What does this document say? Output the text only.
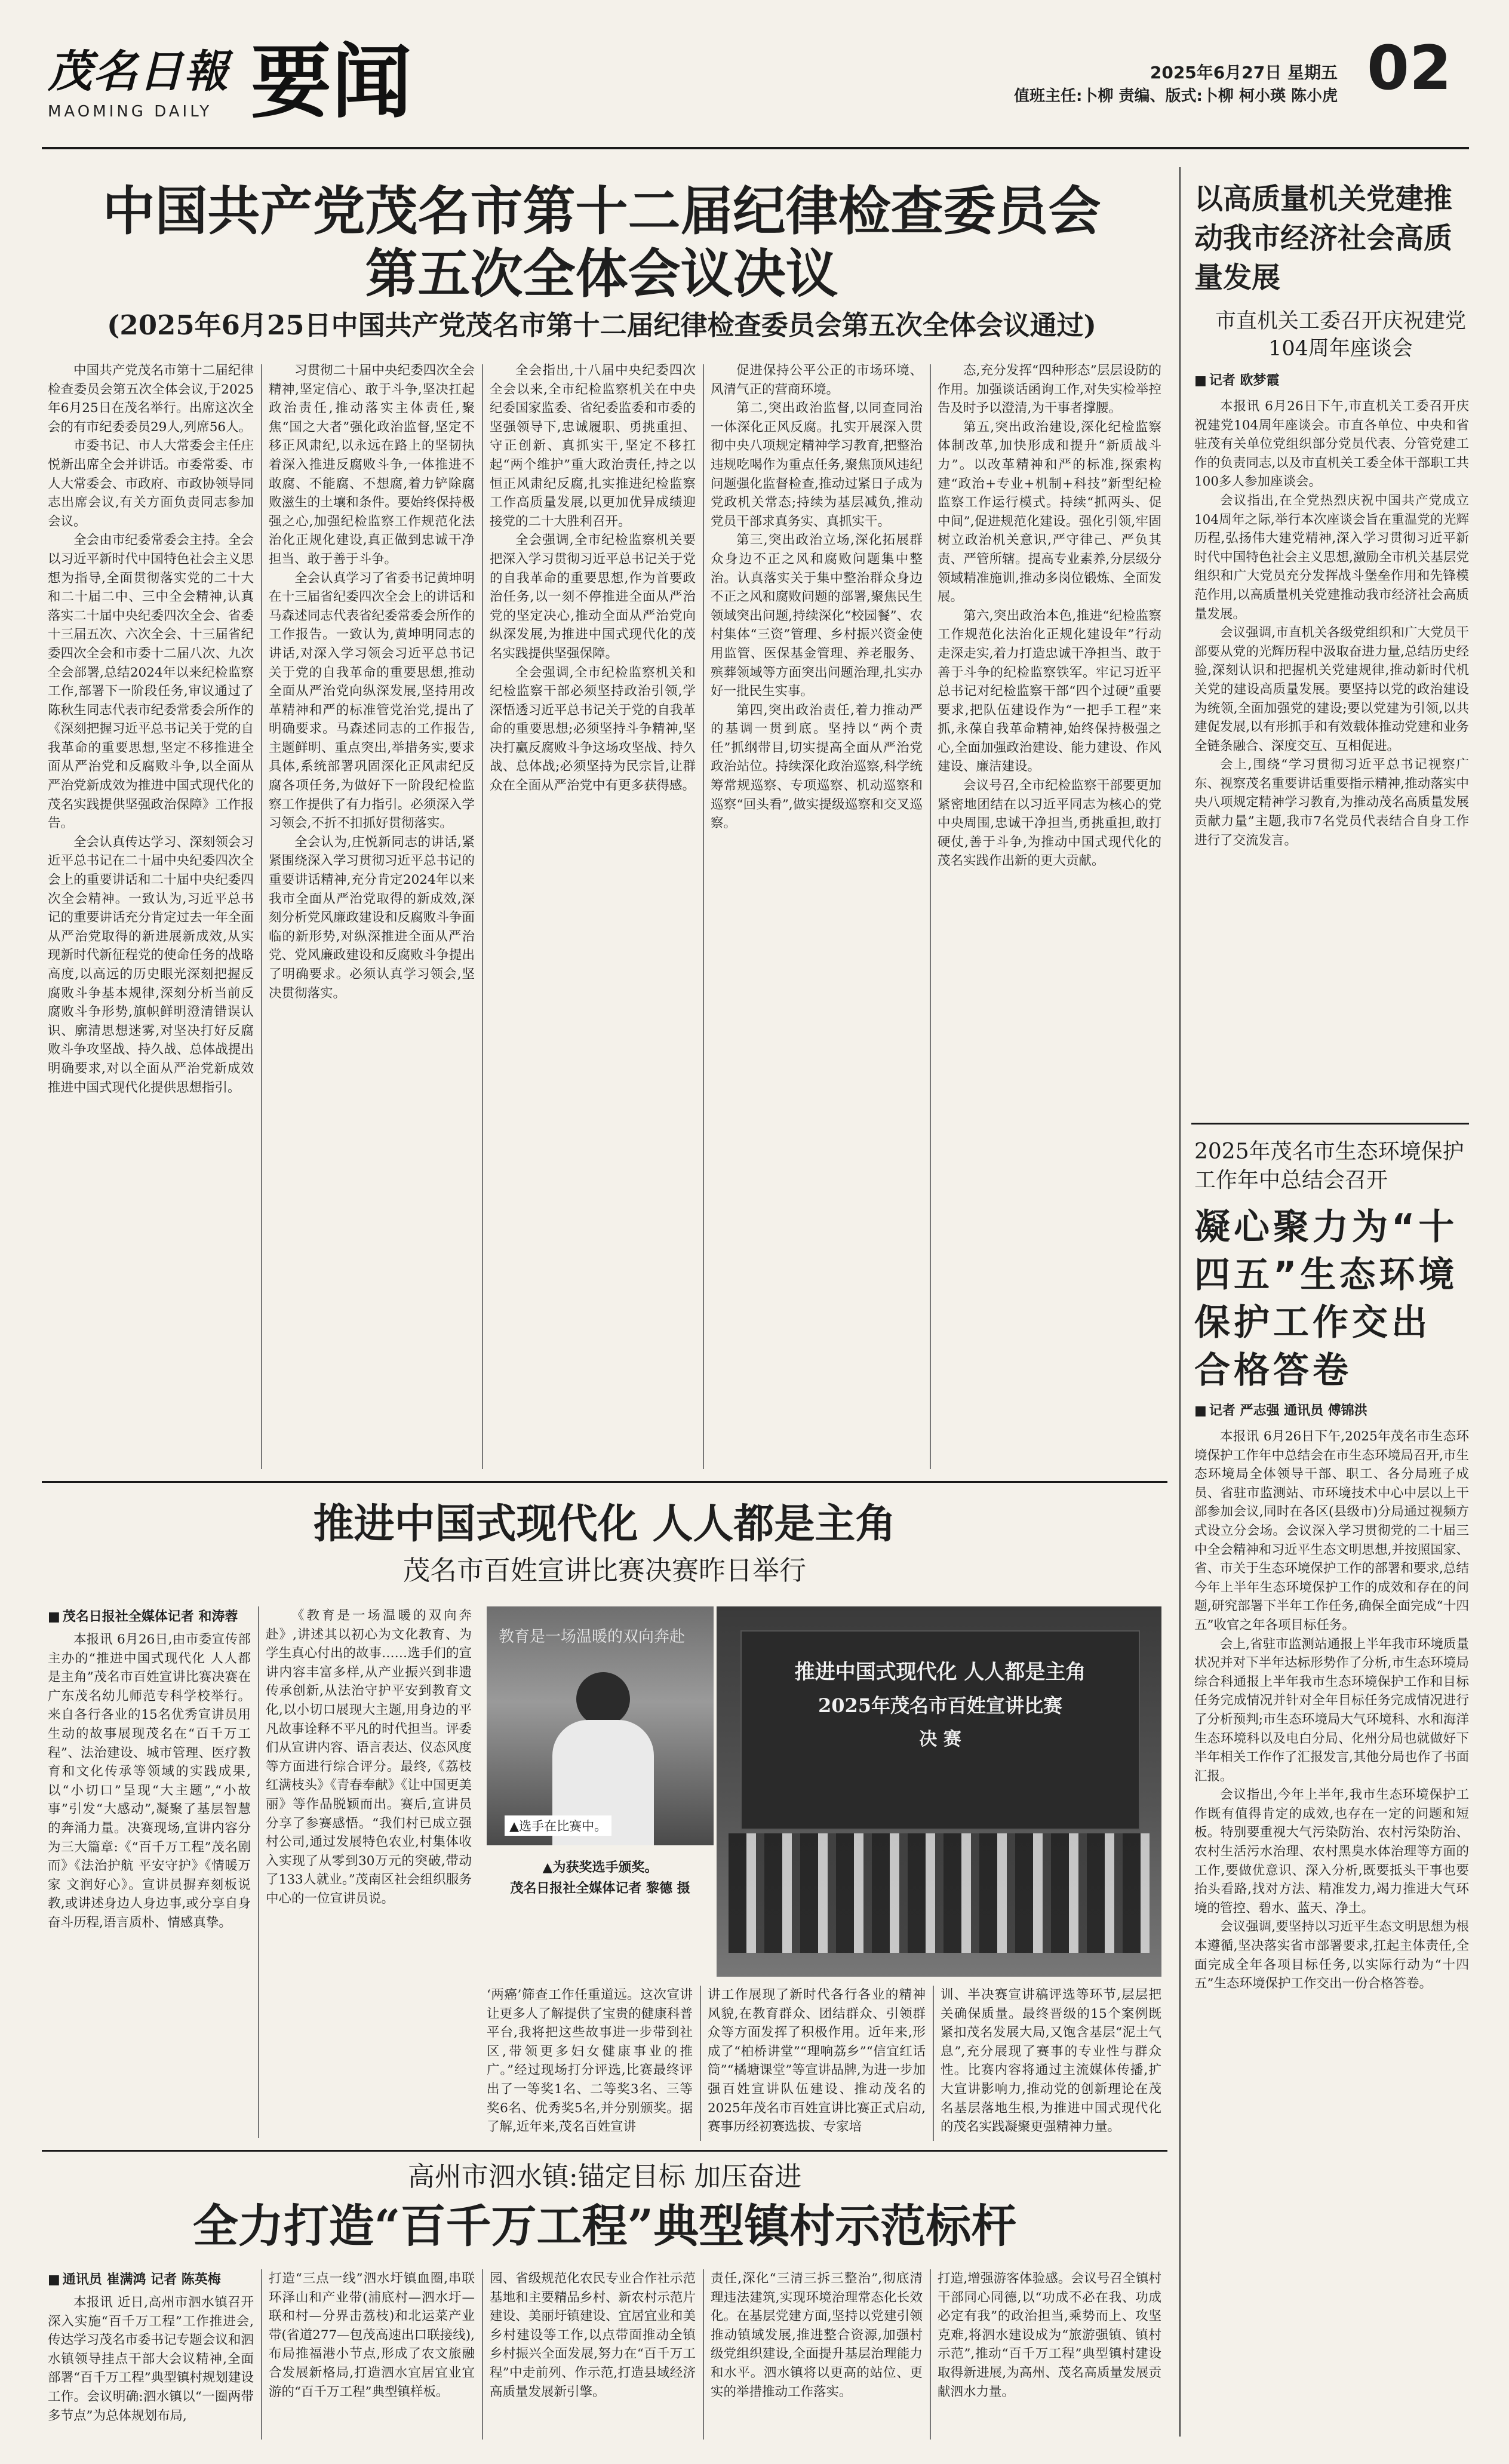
茂名日報
MAOMING DAILY 要闻	2025年6月27日 星期五
值班主任:卜柳 责编、版式:卜柳 柯小瑛 陈小虎 02
中国共产党茂名市第十二届纪律检查委员会
第五次全体会议决议
(2025年6月25日中国共产党茂名市第十二届纪律检查委员会第五次全体会议通过)

中国共产党茂名市第十二届纪律检查委员会第五次全体会议,于2025年6月25日在茂名举行。出席这次全会的有市纪委委员29人,列席56人。

市委书记、市人大常委会主任庄悦新出席全会并讲话。市委常委、市人大常委会、市政府、市政协领导同志出席会议,有关方面负责同志参加会议。

全会由市纪委常委会主持。全会以习近平新时代中国特色社会主义思想为指导,全面贯彻落实党的二十大和二十届二中、三中全会精神,认真落实二十届中央纪委四次全会、省委十三届五次、六次全会、十三届省纪委四次全会和市委十二届八次、九次全会部署,总结2024年以来纪检监察工作,部署下一阶段任务,审议通过了陈秋生同志代表市纪委常委会所作的《深刻把握习近平总书记关于党的自我革命的重要思想,坚定不移推进全面从严治党和反腐败斗争,以全面从严治党新成效为推进中国式现代化的茂名实践提供坚强政治保障》工作报告。

全会认真传达学习、深刻领会习近平总书记在二十届中央纪委四次全会上的重要讲话和二十届中央纪委四次全会精神。一致认为,习近平总书记的重要讲话充分肯定过去一年全面从严治党取得的新进展新成效,从实现新时代新征程党的使命任务的战略高度,以高远的历史眼光深刻把握反腐败斗争基本规律,深刻分析当前反腐败斗争形势,旗帜鲜明澄清错误认识、廓清思想迷雾,对坚决打好反腐败斗争攻坚战、持久战、总体战提出明确要求,对以全面从严治党新成效推进中国式现代化提供思想指引。

习贯彻二十届中央纪委四次全会精神,坚定信心、敢于斗争,坚决扛起政治责任,推动落实主体责任,聚焦“国之大者”强化政治监督,坚定不移正风肃纪,以永远在路上的坚韧执着深入推进反腐败斗争,一体推进不敢腐、不能腐、不想腐,着力铲除腐败滋生的土壤和条件。要始终保持极强之心,加强纪检监察工作规范化法治化正规化建设,真正做到忠诚干净担当、敢于善于斗争。

全会认真学习了省委书记黄坤明在十三届省纪委四次全会上的讲话和马森述同志代表省纪委常委会所作的工作报告。一致认为,黄坤明同志的讲话,对深入学习领会习近平总书记关于党的自我革命的重要思想,推动全面从严治党向纵深发展,坚持用改革精神和严的标准管党治党,提出了明确要求。马森述同志的工作报告,主题鲜明、重点突出,举措务实,要求具体,系统部署巩固深化正风肃纪反腐各项任务,为做好下一阶段纪检监察工作提供了有力指引。必须深入学习领会,不折不扣抓好贯彻落实。

全会认为,庄悦新同志的讲话,紧紧围绕深入学习贯彻习近平总书记的重要讲话精神,充分肯定2024年以来我市全面从严治党取得的新成效,深刻分析党风廉政建设和反腐败斗争面临的新形势,对纵深推进全面从严治党、党风廉政建设和反腐败斗争提出了明确要求。必须认真学习领会,坚决贯彻落实。

全会指出,十八届中央纪委四次全会以来,全市纪检监察机关在中央纪委国家监委、省纪委监委和市委的坚强领导下,忠诚履职、勇挑重担、守正创新、真抓实干,坚定不移扛起“两个维护”重大政治责任,持之以恒正风肃纪反腐,扎实推进纪检监察工作高质量发展,以更加优异成绩迎接党的二十大胜利召开。

全会强调,全市纪检监察机关要把深入学习贯彻习近平总书记关于党的自我革命的重要思想,作为首要政治任务,以一刻不停推进全面从严治党的坚定决心,推动全面从严治党向纵深发展,为推进中国式现代化的茂名实践提供坚强保障。

全会强调,全市纪检监察机关和纪检监察干部必须坚持政治引领,学深悟透习近平总书记关于党的自我革命的重要思想;必须坚持斗争精神,坚决打赢反腐败斗争这场攻坚战、持久战、总体战;必须坚持为民宗旨,让群众在全面从严治党中有更多获得感。

促进保持公平公正的市场环境、风清气正的营商环境。

第二,突出政治监督,以同查同治一体深化正风反腐。扎实开展深入贯彻中央八项规定精神学习教育,把整治违规吃喝作为重点任务,聚焦顶风违纪问题强化监督检查,推动过紧日子成为党政机关常态;持续为基层减负,推动党员干部求真务实、真抓实干。

第三,突出政治立场,深化拓展群众身边不正之风和腐败问题集中整治。认真落实关于集中整治群众身边不正之风和腐败问题的部署,聚焦民生领域突出问题,持续深化“校园餐”、农村集体“三资”管理、乡村振兴资金使用监管、医保基金管理、养老服务、殡葬领域等方面突出问题治理,扎实办好一批民生实事。

第四,突出政治责任,着力推动严的基调一贯到底。坚持以“两个责任”抓纲带目,切实提高全面从严治党政治站位。持续深化政治巡察,科学统筹常规巡察、专项巡察、机动巡察和巡察“回头看”,做实提级巡察和交叉巡察。

态,充分发挥“四种形态”层层设防的作用。加强谈话函询工作,对失实检举控告及时予以澄清,为干事者撑腰。

第五,突出政治建设,深化纪检监察体制改革,加快形成和提升“新质战斗力”。以改革精神和严的标准,探索构建“政治+专业+机制+科技”新型纪检监察工作运行模式。持续“抓两头、促中间”,促进规范化建设。强化引领,牢固树立政治机关意识,严守律己、严负其责、严管所辖。提高专业素养,分层级分领域精准施训,推动多岗位锻炼、全面发展。

第六,突出政治本色,推进“纪检监察工作规范化法治化正规化建设年”行动走深走实,着力打造忠诚干净担当、敢于善于斗争的纪检监察铁军。牢记习近平总书记对纪检监察干部“四个过硬”重要要求,把队伍建设作为“一把手工程”来抓,永葆自我革命精神,始终保持极强之心,全面加强政治建设、能力建设、作风建设、廉洁建设。

会议号召,全市纪检监察干部要更加紧密地团结在以习近平同志为核心的党中央周围,忠诚干净担当,勇挑重担,敢打硬仗,善于斗争,为推动中国式现代化的茂名实践作出新的更大贡献。

以高质量机关党建推动我市经济社会高质量发展
市直机关工委召开庆祝建党104周年座谈会
■ 记者 欧梦霞

本报讯 6月26日下午,市直机关工委召开庆祝建党104周年座谈会。市直各单位、中央和省驻茂有关单位党组织部分党员代表、分管党建工作的负责同志,以及市直机关工委全体干部职工共100多人参加座谈会。

会议指出,在全党热烈庆祝中国共产党成立104周年之际,举行本次座谈会旨在重温党的光辉历程,弘扬伟大建党精神,深入学习贯彻习近平新时代中国特色社会主义思想,激励全市机关基层党组织和广大党员充分发挥战斗堡垒作用和先锋模范作用,以高质量机关党建推动我市经济社会高质量发展。

会议强调,市直机关各级党组织和广大党员干部要从党的光辉历程中汲取奋进力量,总结历史经验,深刻认识和把握机关党建规律,推动新时代机关党的建设高质量发展。要坚持以党的政治建设为统领,全面加强党的建设;要以党建为引领,以共建促发展,以有形抓手和有效载体推动党建和业务全链条融合、深度交互、互相促进。

会上,围绕“学习贯彻习近平总书记视察广东、视察茂名重要讲话重要指示精神,推动落实中央八项规定精神学习教育,为推动茂名高质量发展贡献力量”主题,我市7名党员代表结合自身工作进行了交流发言。

2025年茂名市生态环境保护工作年中总结会召开
凝心聚力为“十四五”生态环境保护工作交出合格答卷
■ 记者 严志强 通讯员 傅锦洪

本报讯 6月26日下午,2025年茂名市生态环境保护工作年中总结会在市生态环境局召开,市生态环境局全体领导干部、职工、各分局班子成员、省驻市监测站、市环境技术中心中层以上干部参加会议,同时在各区(县级市)分局通过视频方式设立分会场。会议深入学习贯彻党的二十届三中全会精神和习近平生态文明思想,并按照国家、省、市关于生态环境保护工作的部署和要求,总结今年上半年生态环境保护工作的成效和存在的问题,研究部署下半年工作任务,确保全面完成“十四五”收官之年各项目标任务。

会上,省驻市监测站通报上半年我市环境质量状况并对下半年达标形势作了分析,市生态环境局综合科通报上半年我市生态环境保护工作和目标任务完成情况并针对全年目标任务完成情况进行了分析预判;市生态环境局大气环境科、水和海洋生态环境科以及电白分局、化州分局也就做好下半年相关工作作了汇报发言,其他分局也作了书面汇报。

会议指出,今年上半年,我市生态环境保护工作既有值得肯定的成效,也存在一定的问题和短板。特别要重视大气污染防治、农村污染防治、农村生活污水治理、农村黑臭水体治理等方面的工作,要做优意识、深入分析,既要抵头干事也要抬头看路,找对方法、精准发力,竭力推进大气环境的管控、碧水、蓝天、净土。

会议强调,要坚持以习近平生态文明思想为根本遵循,坚决落实省市部署要求,扛起主体责任,全面完成全年各项目标任务,以实际行动为“十四五”生态环境保护工作交出一份合格答卷。

推进中国式现代化 人人都是主角
茂名市百姓宣讲比赛决赛昨日举行
■ 茂名日报社全媒体记者 和涛蓉

本报讯 6月26日,由市委宣传部主办的“推进中国式现代化 人人都是主角”茂名市百姓宣讲比赛决赛在广东茂名幼儿师范专科学校举行。来自各行各业的15名优秀宣讲员用生动的故事展现茂名在“百千万工程”、法治建设、城市管理、医疗教育和文化传承等领域的实践成果,以“小切口”呈现“大主题”,“小故事”引发“大感动”,凝聚了基层智慧的奔涌力量。决赛现场,宣讲内容分为三大篇章:《“百千万工程”茂名剧而》《法治护航 平安守护》《情暖万家 文润好心》。宣讲员摒弃刻板说教,或讲述身边人身边事,或分享自身奋斗历程,语言质朴、情感真挚。

《教育是一场温暖的双向奔赴》,讲述其以初心为文化教育、为学生真心付出的故事……选手们的宣讲内容丰富多样,从产业振兴到非遗传承创新,从法治守护平安到教育文化,以小切口展现大主题,用身边的平凡故事诠释不平凡的时代担当。评委们从宣讲内容、语言表达、仪态风度等方面进行综合评分。最终,《荔枝红满枝头》《青春奉献》《让中国更美丽》等作品脱颖而出。赛后,宣讲员分享了参赛感悟。“我们村已成立强村公司,通过发展特色农业,村集体收入实现了从零到30万元的突破,带动了133人就业。”茂南区社会组织服务中心的一位宣讲员说。

教育是一场温暖的双向奔赴
▲选手在比赛中。
推进中国式现代化 人人都是主角
2025年茂名市百姓宣讲比赛
决 赛
▲为获奖选手颁奖。
茂名日报社全媒体记者 黎德 摄

‘两癌’筛查工作任重道远。这次宣讲让更多人了解提供了宝贵的健康科普平台,我将把这些故事进一步带到社区,带领更多妇女健康事业的推广。”经过现场打分评选,比赛最终评出了一等奖1名、二等奖3名、三等奖6名、优秀奖5名,并分别颁奖。据了解,近年来,茂名百姓宣讲

讲工作展现了新时代各行各业的精神风貌,在教育群众、团结群众、引领群众等方面发挥了积极作用。近年来,形成了“柏桥讲堂”“理响荔乡”“信宜红话筒”“橘塘课堂”等宣讲品牌,为进一步加强百姓宣讲队伍建设、推动茂名的2025年茂名市百姓宣讲比赛正式启动,赛事历经初赛选拔、专家培

训、半决赛宣讲稿评选等环节,层层把关确保质量。最终晋级的15个案例既紧扣茂名发展大局,又饱含基层“泥土气息”,充分展现了赛事的专业性与群众性。比赛内容将通过主流媒体传播,扩大宣讲影响力,推动党的创新理论在茂名基层落地生根,为推进中国式现代化的茂名实践凝聚更强精神力量。

高州市泗水镇:锚定目标 加压奋进
全力打造“百千万工程”典型镇村示范标杆
■ 通讯员 崔满鸿 记者 陈英梅

本报讯 近日,高州市泗水镇召开深入实施“百千万工程”工作推进会,传达学习茂名市委书记专题会议和泗水镇领导挂点干部大会议精神,全面部署“百千万工程”典型镇村规划建设工作。会议明确:泗水镇以“一圈两带多节点”为总体规划布局,

打造“三点一线”泗水圩镇血圈,串联环泽山和产业带(浦底村—泗水圩—联和村—分界击荔枝)和北运菜产业带(省道277—包茂高速出口联接线),布局推福港小节点,形成了农文旅融合发展新格局,打造泗水宜居宜业宜游的“百千万工程”典型镇样板。

园、省级规范化农民专业合作社示范基地和主要精品乡村、新农村示范片建设、美丽圩镇建设、宜居宜业和美乡村建设等工作,以点带面推动全镇乡村振兴全面发展,努力在“百千万工程”中走前列、作示范,打造县域经济高质量发展新引擎。

责任,深化“三清三拆三整治”,彻底清理违法建筑,实现环境治理常态化长效化。在基层党建方面,坚持以党建引领推动镇域发展,推进整合资源,加强村级党组织建设,全面提升基层治理能力和水平。泗水镇将以更高的站位、更实的举措推动工作落实。

打造,增强游客体验感。会议号召全镇村干部同心同德,以“功成不必在我、功成必定有我”的政治担当,乘势而上、攻坚克难,将泗水建设成为“旅游强镇、镇村示范”,推动“百千万工程”典型镇村建设取得新进展,为高州、茂名高质量发展贡献泗水力量。
